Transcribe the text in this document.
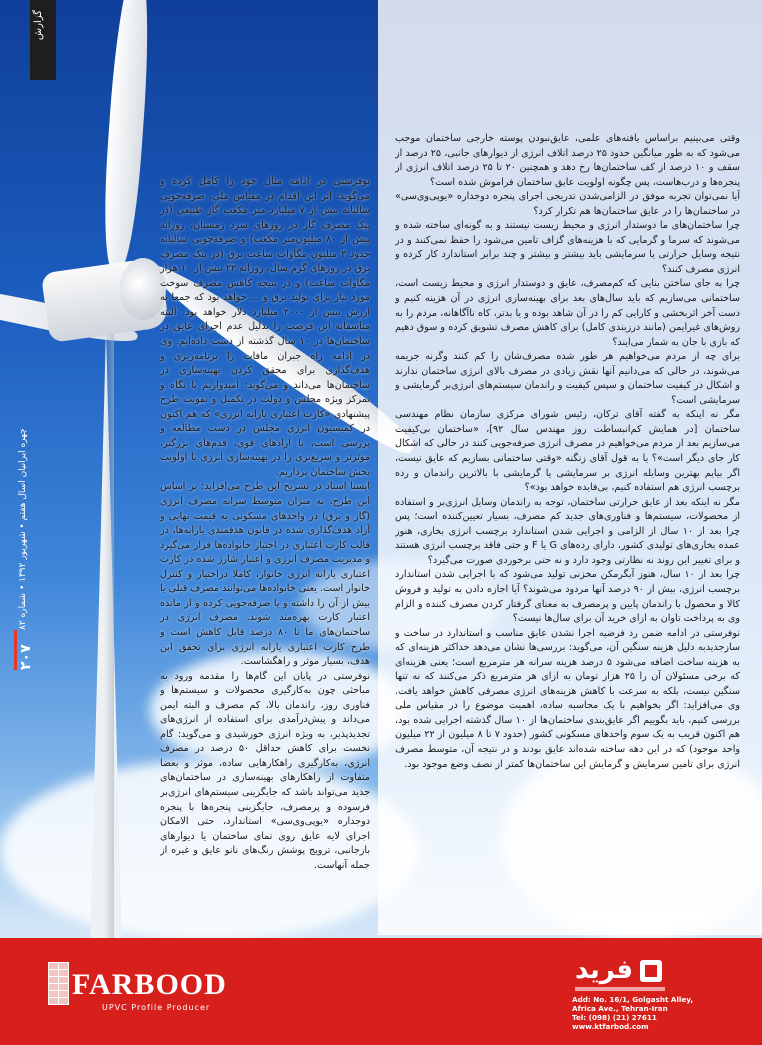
گزارش

وقتی می‌بینیم براساس یافته‌های علمی، عایق‌نبودن پوسته خارجی ساختمان موجب می‌شود که به طور میانگین حدود ۲۵ درصد اتلاف انرژی از دیوارهای جانبی، ۲۵ درصد از سقف و ۱۰ درصد از کف ساختمان‌ها رخ دهد و همچنین ۲۰ تا ۲۵ درصد اتلاف انرژی از پنجره‌ها و درب‌هاست، پس چگونه اولویت عایق ساختمان فراموش شده است؟

آیا نمی‌توان تجربه موفق در الزامی‌شدن تدریجی اجرای پنجره دوجداره «یوپی‌وی‌سی» در ساختمان‌ها را در عایق ساختمان‌ها هم تکرار کرد؟

چرا ساختمان‌های ما دوستدار انرژی و محیط زیست نیستند و به گونه‌ای ساخته شده و می‌شوند که سرما و گرمایی که با هزینه‌های گزاف تامین می‌شود را حفظ نمی‌کنند و در نتیجه وسایل حرارتی یا سرمایشی باید بیشتر و بیشتر و چند برابر استاندارد کار کرده و انرژی مصرف کنند؟

چرا به جای ساختن بنایی که کم‌مصرف، عایق و دوستدار انرژی و محیط زیست است، ساختمانی می‌سازیم که باید سال‌های بعد برای بهینه‌سازی انرژی در آن هزینه کنیم و دست آخر اثربخشی و کارایی کم را در آن شاهد بوده و یا بدتر، کاه ناآگاهانه، مردم را به روش‌های غیرایمن (مانند درزبندی کامل) برای کاهش مصرف تشویق کرده و سوق دهیم که بازی با جان به شمار می‌ایند؟

برای چه از مردم می‌خواهیم هر طور شده مصرف‌شان را کم کنند وگرنه جریمه می‌شوند، در حالی که می‌دانیم آنها نقش زیادی در مصرف بالای انرژی ساختمان ندارند و اشکال در کیفیت ساختمان و سپس کیفیت و راندمان سیستم‌های انرژی‌بر گرمایشی و سرمایشی است؟

مگر نه اینکه به گفته آقای ترکان، رئیس شورای مرکزی سازمان نظام مهندسی ساختمان [در همایش کم‌انبساطت روز مهندس سال ۹۲]، «ساختمان بی‌کیفیت می‌سازیم بعد از مردم می‌خواهیم در مصرف انرژی صرفه‌جویی کنند در حالی که اشکال کار جای دیگر است»؟ یا به قول آقای زنگنه «وقتی ساختمانی بسازیم که عایق نیست، اگر بیایم بهترین وسایله انرژی بر سرمایشی یا گرمایشی با بالاترین راندمان و رده برچسب انرژی هم استفاده کنیم، بی‌فایده خواهد بود»؟

مگر نه اینکه بعد از عایق حرارتی ساختمان، توجه به راندمان وسایل انرژی‌بر و استفاده از محصولات، سیستم‌ها و فناوری‌های جدید کم مصرف، بسیار تعیین‌کننده است؛ پس چرا بعد از ۱۰ سال از الزامی و اجرایی شدن استاندارد برچسب انرژی بخاری، هنوز عمده بخاری‌های تولیدی کشور، دارای رده‌های G یا F و حتی فاقد برچسب انرژی هستند و برای تغییر این روند نه نظارتی وجود دارد و نه حتی برخوردی صورت می‌گیرد؟

چرا بعد از ۱۰ سال، هنوز آبگرمکن مخزنی تولید می‌شود که با اجرایی شدن استاندارد برچسب انرژی، بیش از ۹۰ درصد آنها مردود می‌شوند؟ آیا اجازه دادن به تولید و فروش کالا و محصول با راندمان پایین و پرمصرف به معنای گرفتار کردن مصرف کننده و الزام وی به پرداخت تاوان به ازای خرید آن برای سال‌ها نیست؟

نوفرستی در ادامه ضمن رد فرضیه اجرا نشدن عایق مناسب و استاندارد در ساخت و سازجدیدبه دلیل هزینه سنگین آن، می‌گوید: بررسی‌ها نشان می‌دهد حداکثر هزینه‌ای که به هزینه ساخت اضافه می‌شود ۵ درصد هزینه سرانه هر مترمربع است؛ یعنی هزینه‌ای که برخی مسئولان آن را ۲۵ هزار تومان به ازای هر مترمربع ذکر می‌کنند که نه تنها سنگین نیست، بلکه به سرعت با کاهش هزینه‌های انرژی مصرفی کاهش خواهد یافت. وی می‌افزاید: اگر بخواهیم با یک محاسبه ساده، اهمیت موضوع را در مقیاس ملی بررسی کنیم، باید بگوییم اگر عایق‌بندی ساختمان‌ها از ۱۰ سال گذشته اجرایی شده بود، هم اکنون قریب به یک سوم واحدهای مسکونی کشور (حدود ۷ تا ۸ میلیون از ۲۲ میلیون واحد موجود) که در این دهه ساخته شده‌اند عایق بودند و در نتیجه آن، متوسط مصرف انرژی برای تامین سرمایش و گرمایش این ساختمان‌ها کمتر از نصف وضع موجود بود.

نوفرستی در ادامه مثال خود را کامل کرده و می‌گوید: اثر این اقدام در مقیاس ملی، صرفه‌جویی سالیانه بیش از ۷ میلیارد متر مکعب گاز طبیعی (در پیک مصرف گاز در روزهای سرد زمستان، روزانه بیش از ۸۰ میلیون‌متر مکعب) و صرفه‌جویی سالیانه حدود ۲ میلیون مگاوات ساعت برق (در پیک مصرف برق در روزهای گرم سال، روزانه ۲۲ بیش از ۱۰ هزار مگاوات ساعت) و در نتیجه کاهش مصرف سوخت مورد نیاز برای تولید برق و ... خواهد بود که جمعا به ارزش بیش از ۲۰۰۰ میلیارد دلار خواهد بود. البته متاسفانه این فرصت را بدلیل عدم اجرای عایق در ساختمان‌ها در ۱۰ سال گذشته از دست داده‌ایم. وی در ادامه راه جبران مافات را برنامه‌ریزی و هدف‌گذاری برای محقق کردن بهینه‌سازی در ساختمان‌ها می‌داند و می‌گوید: امیدواریم با نگاه و تمرکز ویژه مجلس و دولت در تکمیل و تقویت طرح پیشنهادی «کارت اعتباری یارانه انرژی» که هم اکنون در کمیسیون انرژی مجلس در دست مطالعه و بررسی است، با ارادهای قوی، قدم‌های بزرگتر، موثرتر و سریع‌تری را در بهینه‌سازی انرژی با اولویت بخش ساختمان برداریم.

ایسنا استاد در تشریح این طرح می‌افزاید: بر اساس این طرح، به میزان متوسط سرانه مصرف انرژی (گاز و برق) در واحدهای مسکونی به قیمت نهایی و آزاد هدف‌گذاری شده در قانون هدفمندی یارانه‌ها، در قالب کارت اعتباری در اختیار خانواده‌ها قرار می‌گیرد و مدیریت مصرف انرژی و اعتبار شارژ شده در کارت اعتباری یارانه انرژی خانوار، کاملا دراختیار و کنترل خانوار است. یعنی خانواده‌ها می‌توانند مصرف قبلی یا بیش از آن را داشته و یا صرفه‌جویی کرده و از مانده اعتبار کارت بهره‌مند شوند. مصرف انرژی در ساختمان‌های ما تا ۸۰ درصد قابل کاهش است و طرح کارت اعتباری یارانه انرژی برای تحقق این هدف، بسیار موثر و راهگشاست.

نوفرستی در پایان این گام‌ها را مقدمه ورود به مباحثی چون به‌کارگیری محصولات و سیستم‌ها و فناوری روز، راندمان بالا، کم مصرف و البته ایمن می‌داند و پیش‌درآمدی برای استفاده از انرژی‌های تجدیدپذیر، به ویژه انرژی خورشیدی و می‌گوید: گام نخست برای کاهش حداقل ۵۰ درصد در مصرف انرژی، به‌کارگیری راهکارهایی ساده، موثر و بعضا متفاوت از راهکارهای بهینه‌سازی در ساختمان‌های جدید می‌تواند باشد که جایگزینی سیستم‌های انرژی‌بر فرسوده و پرمصرف، جایگزینی پنجره‌ها با پنجره دوجداره «یوپی‌وی‌سی» استاندارد، حتی الامکان اجرای لایه عایق روی نمای ساختمان یا دیوارهای بازجانبی، ترویج پوشش رنگ‌های نانو عایق و غیره از جمله آنهاست.

چهره ایرانیان اسال هفتم • شهریور ۱۳۹۲ • شماره ۸۲
۲۰۷
FARBOOD
UPVC Profile Producer
فرید
Add: No. 16/1, Golgasht Alley,
Africa Ave., Tehran-Iran
Tel: (098) (21) 27611
www.ktfarbod.com
